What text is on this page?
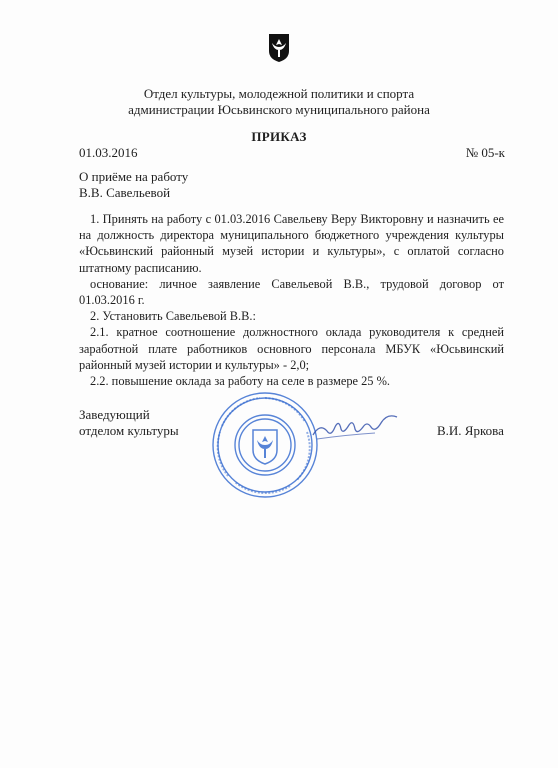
Отдел культуры, молодежной политики и спорта
администрации Юсьвинского муниципального района
ПРИКАЗ
01.03.2016	№ 05-к
О приёме на работу
В.В. Савельевой

1. Принять на работу с 01.03.2016 Савельеву Веру Викторовну и назначить ее на должность директора муниципального бюджетного учреждения культуры «Юсьвинский районный музей истории и культуры», с оплатой согласно штатному расписанию.

основание: личное заявление Савельевой В.В., трудовой договор от 01.03.2016 г.

2. Установить Савельевой В.В.:

2.1. кратное соотношение должностного оклада руководителя к средней заработной плате работников основного персонала МБУК «Юсьвинский районный музей истории и культуры» - 2,0;

2.2. повышение оклада за работу на селе в размере 25 %.

Заведующий
отделом культуры	В.И. Яркова
